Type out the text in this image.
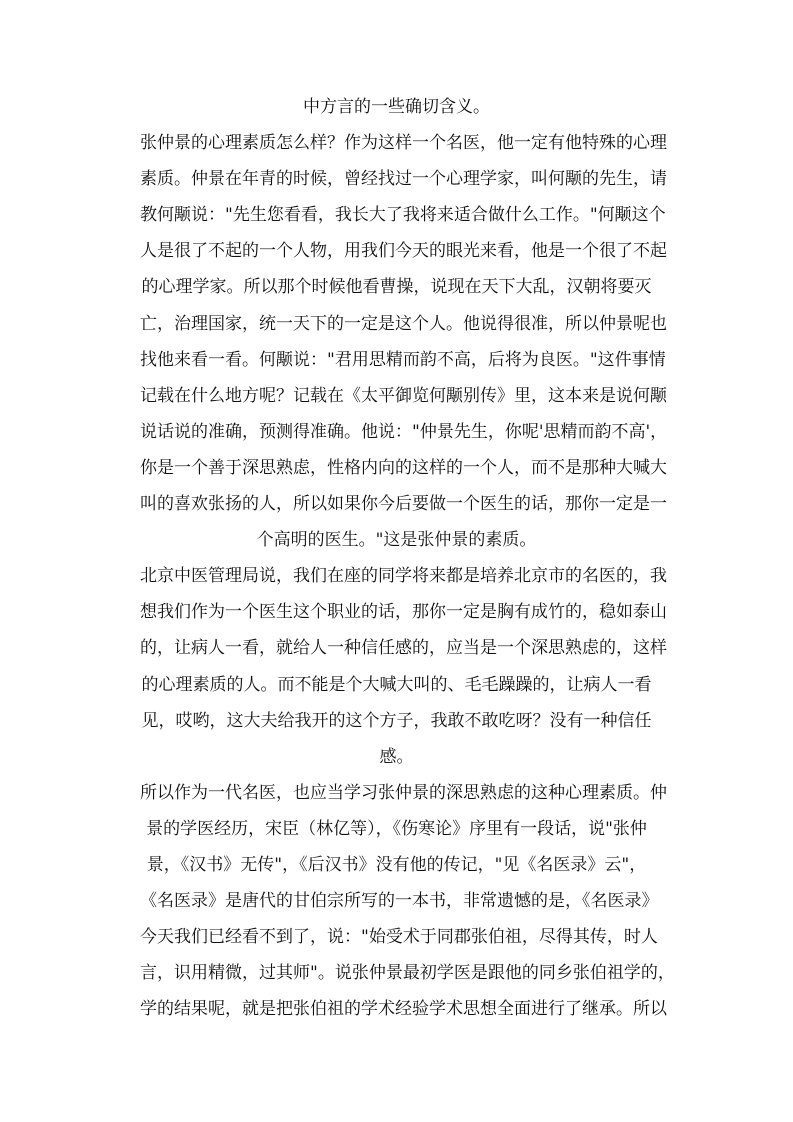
中方言的一些确切含义。
张仲景的心理素质怎么样？作为这样一个名医，他一定有他特殊的心理
素质。仲景在年青的时候，曾经找过一个心理学家，叫何颙的先生，请
教何颙说："先生您看看，我长大了我将来适合做什么工作。"何颙这个
人是很了不起的一个人物，用我们今天的眼光来看，他是一个很了不起
的心理学家。所以那个时候他看曹操，说现在天下大乱，汉朝将要灭
亡，治理国家，统一天下的一定是这个人。他说得很准，所以仲景呢也
找他来看一看。何颙说："君用思精而韵不高，后将为良医。"这件事情
记载在什么地方呢？记载在《太平御览何颙别传》里，这本来是说何颙
说话说的准确，预测得准确。他说："仲景先生，你呢'思精而韵不高'，
你是一个善于深思熟虑，性格内向的这样的一个人，而不是那种大喊大
叫的喜欢张扬的人，所以如果你今后要做一个医生的话，那你一定是一
个高明的医生。"这是张仲景的素质。
北京中医管理局说，我们在座的同学将来都是培养北京市的名医的，我
想我们作为一个医生这个职业的话，那你一定是胸有成竹的，稳如泰山
的，让病人一看，就给人一种信任感的，应当是一个深思熟虑的，这样
的心理素质的人。而不能是个大喊大叫的、毛毛躁躁的，让病人一看
见，哎哟，这大夫给我开的这个方子，我敢不敢吃呀？没有一种信任
感。
所以作为一代名医，也应当学习张仲景的深思熟虑的这种心理素质。仲
景的学医经历，宋臣（林亿等），《伤寒论》序里有一段话，说"张仲
景，《汉书》无传"，《后汉书》没有他的传记，"见《名医录》云"，
《名医录》是唐代的甘伯宗所写的一本书，非常遗憾的是，《名医录》
今天我们已经看不到了，说："始受术于同郡张伯祖，尽得其传，时人
言，识用精微，过其师"。说张仲景最初学医是跟他的同乡张伯祖学的，
学的结果呢，就是把张伯祖的学术经验学术思想全面进行了继承。所以
